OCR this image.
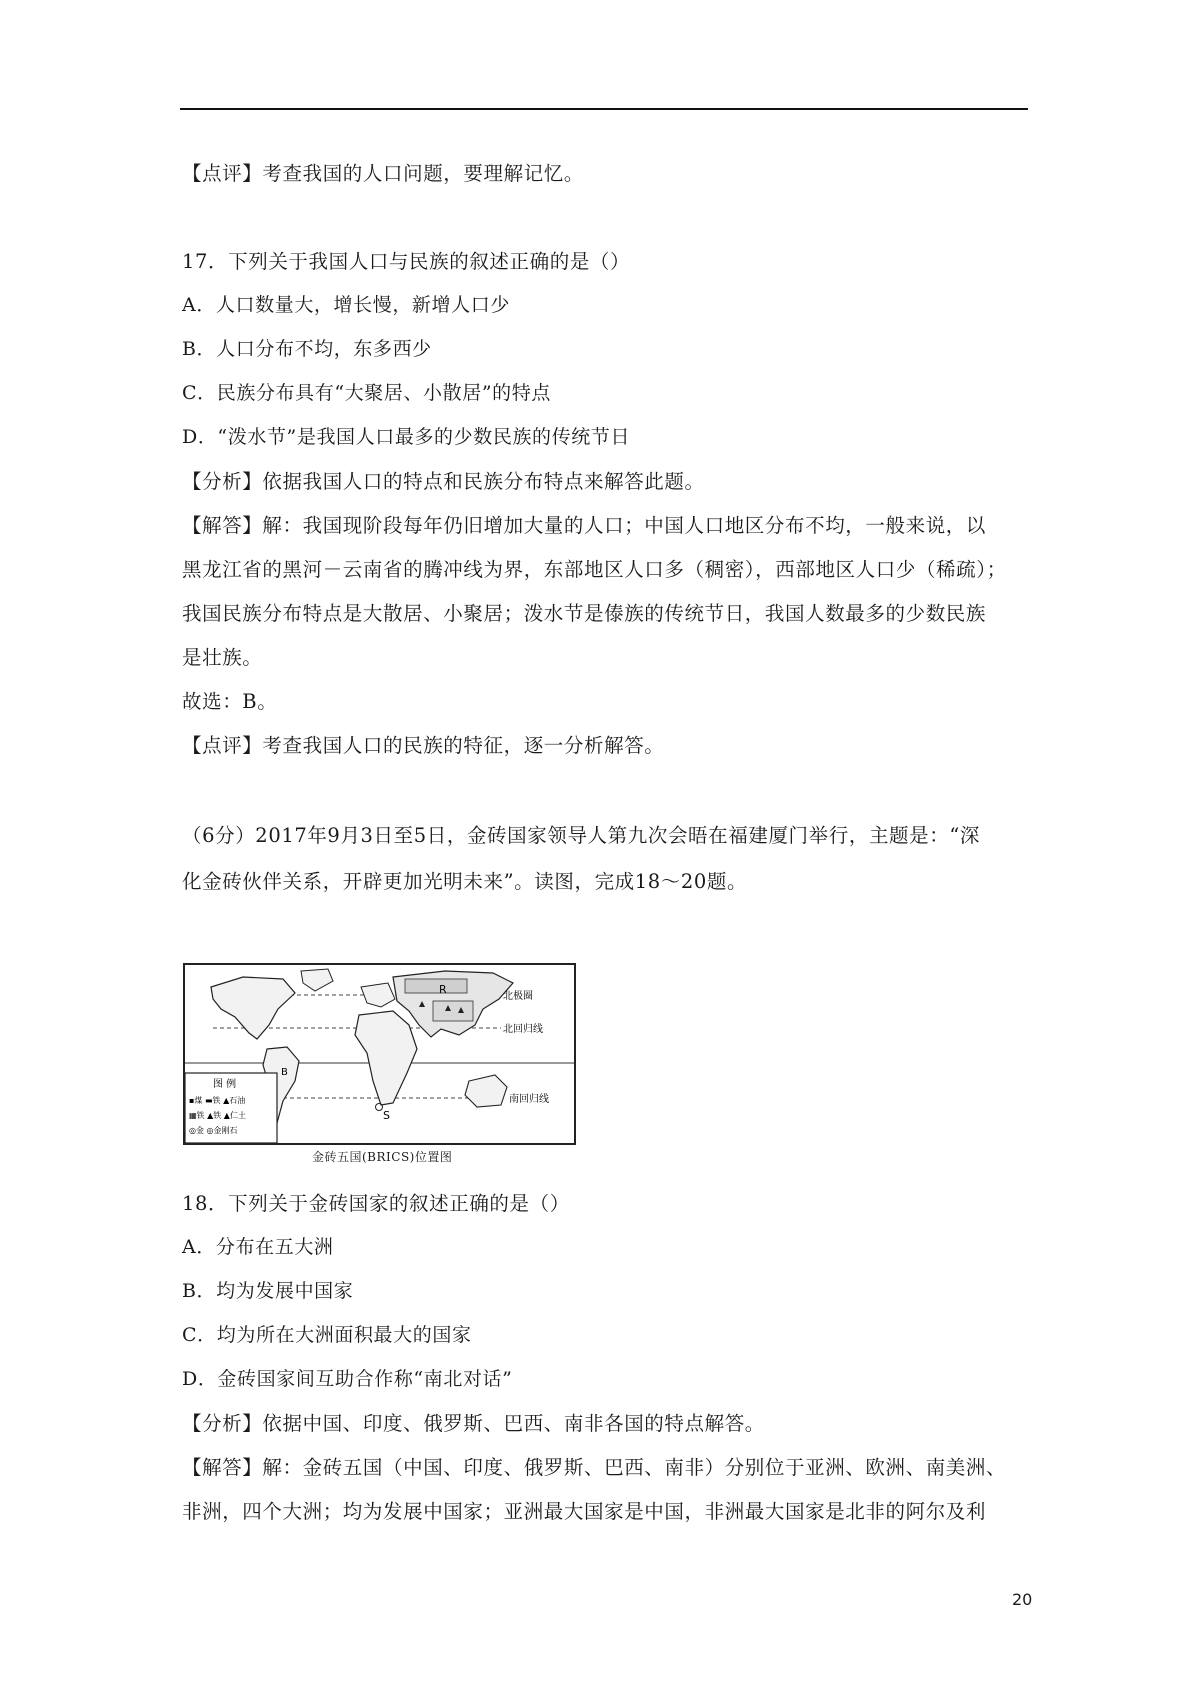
【点评】考查我国的人口问题，要理解记忆。
17．下列关于我国人口与民族的叙述正确的是（）
A．人口数量大，增长慢，新增人口少
B．人口分布不均，东多西少
C．民族分布具有“大聚居、小散居”的特点
D．“泼水节”是我国人口最多的少数民族的传统节日
【分析】依据我国人口的特点和民族分布特点来解答此题。
【解答】解：我国现阶段每年仍旧增加大量的人口；中国人口地区分布不均，一般来说，以
黑龙江省的黑河－云南省的腾冲线为界，东部地区人口多（稠密），西部地区人口少（稀疏）；
我国民族分布特点是大散居、小聚居；泼水节是傣族的传统节日，我国人数最多的少数民族
是壮族。
故选：B。
【点评】考查我国人口的民族的特征，逐一分析解答。
（6分）2017年9月3日至5日，金砖国家领导人第九次会晤在福建厦门举行，主题是：“深
化金砖伙伴关系，开辟更加光明未来”。读图，完成18～20题。
R
B
S
北极圈
北回归线
南回归线
图 例
▪煤 ▬铁 ▲石油
▦铁 ▲铁 ▲仁土
◎金 ◎金刚石
金砖五国(BRICS)位置图
18．下列关于金砖国家的叙述正确的是（）
A．分布在五大洲
B．均为发展中国家
C．均为所在大洲面积最大的国家
D．金砖国家间互助合作称“南北对话”
【分析】依据中国、印度、俄罗斯、巴西、南非各国的特点解答。
【解答】解：金砖五国（中国、印度、俄罗斯、巴西、南非）分别位于亚洲、欧洲、南美洲、
非洲，四个大洲；均为发展中国家；亚洲最大国家是中国，非洲最大国家是北非的阿尔及利
20
